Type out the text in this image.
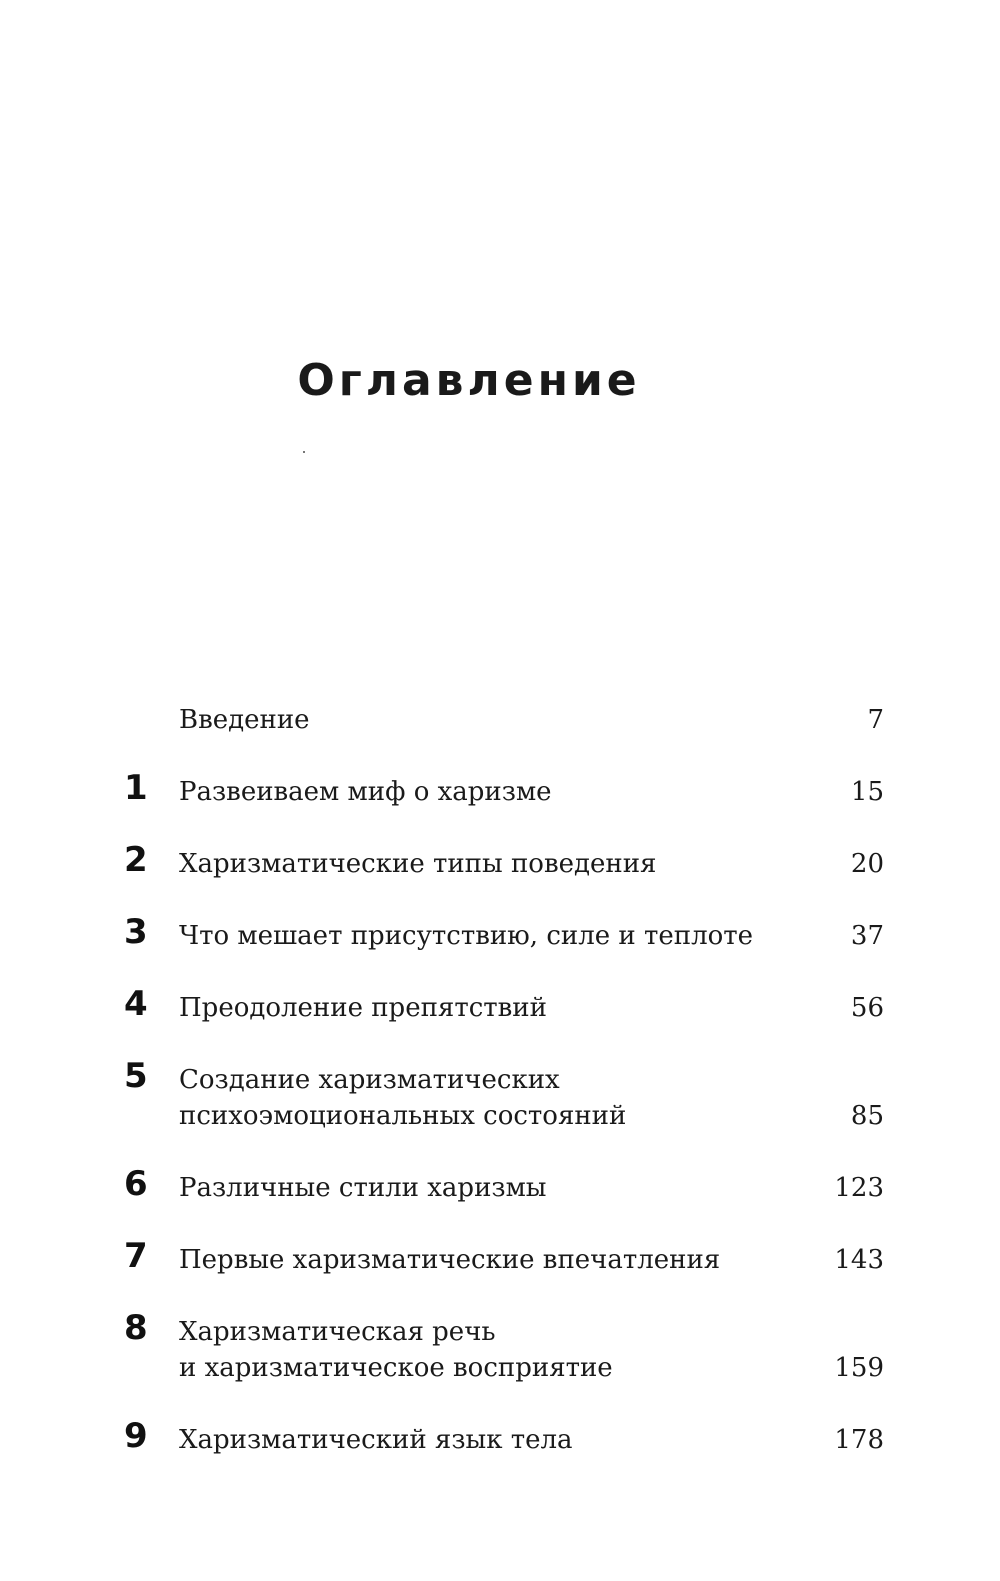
Оглавление
Введение	7
1 Развеиваем миф о харизме	15
2 Харизматические типы поведения	20
3 Что мешает присутствию, силе и теплоте	37
4 Преодоление препятствий	56
5 Создание харизматических
психоэмоциональных состояний	85
6 Различные стили харизмы	123
7 Первые харизматические впечатления	143
8 Харизматическая речь
и харизматическое восприятие	159
9 Харизматический язык тела	178
